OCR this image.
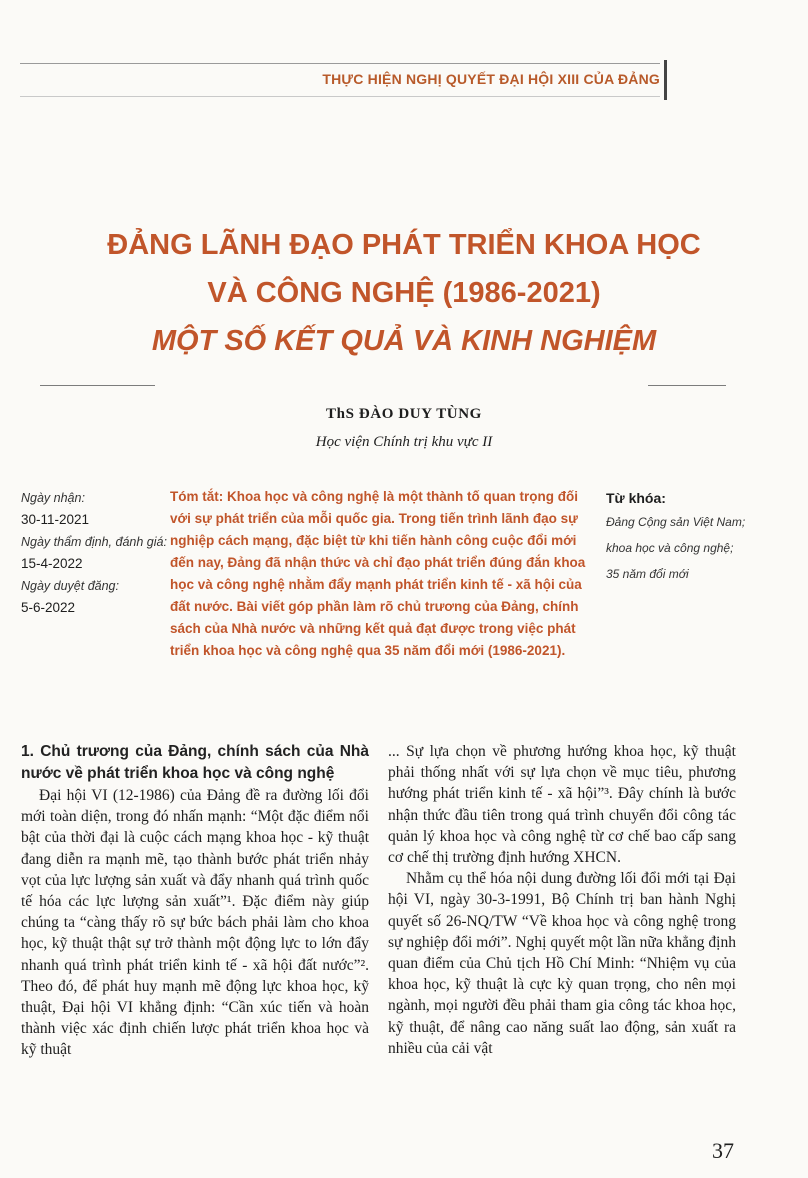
THỰC HIỆN NGHỊ QUYẾT ĐẠI HỘI XIII CỦA ĐẢNG
ĐẢNG LÃNH ĐẠO PHÁT TRIỂN KHOA HỌC
VÀ CÔNG NGHỆ (1986-2021)
MỘT SỐ KẾT QUẢ VÀ KINH NGHIỆM
ThS ĐÀO DUY TÙNG
Học viện Chính trị khu vực II
Ngày nhận:
30-11-2021
Ngày thẩm định, đánh giá:
15-4-2022
Ngày duyệt đăng:
5-6-2022
Tóm tắt: Khoa học và công nghệ là một thành tố quan trọng đối với sự phát triển của mỗi quốc gia. Trong tiến trình lãnh đạo sự nghiệp cách mạng, đặc biệt từ khi tiến hành công cuộc đổi mới đến nay, Đảng đã nhận thức và chỉ đạo phát triển đúng đắn khoa học và công nghệ nhằm đẩy mạnh phát triển kinh tế - xã hội của đất nước. Bài viết góp phần làm rõ chủ trương của Đảng, chính sách của Nhà nước và những kết quả đạt được trong việc phát triển khoa học và công nghệ qua 35 năm đổi mới (1986-2021).
Từ khóa:
Đảng Cộng sản Việt Nam;
khoa học và công nghệ;
35 năm đổi mới
1. Chủ trương của Đảng, chính sách của Nhà nước về phát triển khoa học và công nghệ

Đại hội VI (12-1986) của Đảng đề ra đường lối đổi mới toàn diện, trong đó nhấn mạnh: “Một đặc điểm nổi bật của thời đại là cuộc cách mạng khoa học - kỹ thuật đang diễn ra mạnh mẽ, tạo thành bước phát triển nhảy vọt của lực lượng sản xuất và đẩy nhanh quá trình quốc tế hóa các lực lượng sản xuất”¹. Đặc điểm này giúp chúng ta “càng thấy rõ sự bức bách phải làm cho khoa học, kỹ thuật thật sự trở thành một động lực to lớn đẩy nhanh quá trình phát triển kinh tế - xã hội đất nước”². Theo đó, để phát huy mạnh mẽ động lực khoa học, kỹ thuật, Đại hội VI khẳng định: “Cần xúc tiến và hoàn thành việc xác định chiến lược phát triển khoa học và kỹ thuật

... Sự lựa chọn về phương hướng khoa học, kỹ thuật phải thống nhất với sự lựa chọn về mục tiêu, phương hướng phát triển kinh tế - xã hội”³. Đây chính là bước nhận thức đầu tiên trong quá trình chuyển đổi công tác quản lý khoa học và công nghệ từ cơ chế bao cấp sang cơ chế thị trường định hướng XHCN.

Nhằm cụ thể hóa nội dung đường lối đổi mới tại Đại hội VI, ngày 30-3-1991, Bộ Chính trị ban hành Nghị quyết số 26-NQ/TW “Về khoa học và công nghệ trong sự nghiệp đổi mới”. Nghị quyết một lần nữa khẳng định quan điểm của Chủ tịch Hồ Chí Minh: “Nhiệm vụ của khoa học, kỹ thuật là cực kỳ quan trọng, cho nên mọi ngành, mọi người đều phải tham gia công tác khoa học, kỹ thuật, để nâng cao năng suất lao động, sản xuất ra nhiều của cải vật

37
